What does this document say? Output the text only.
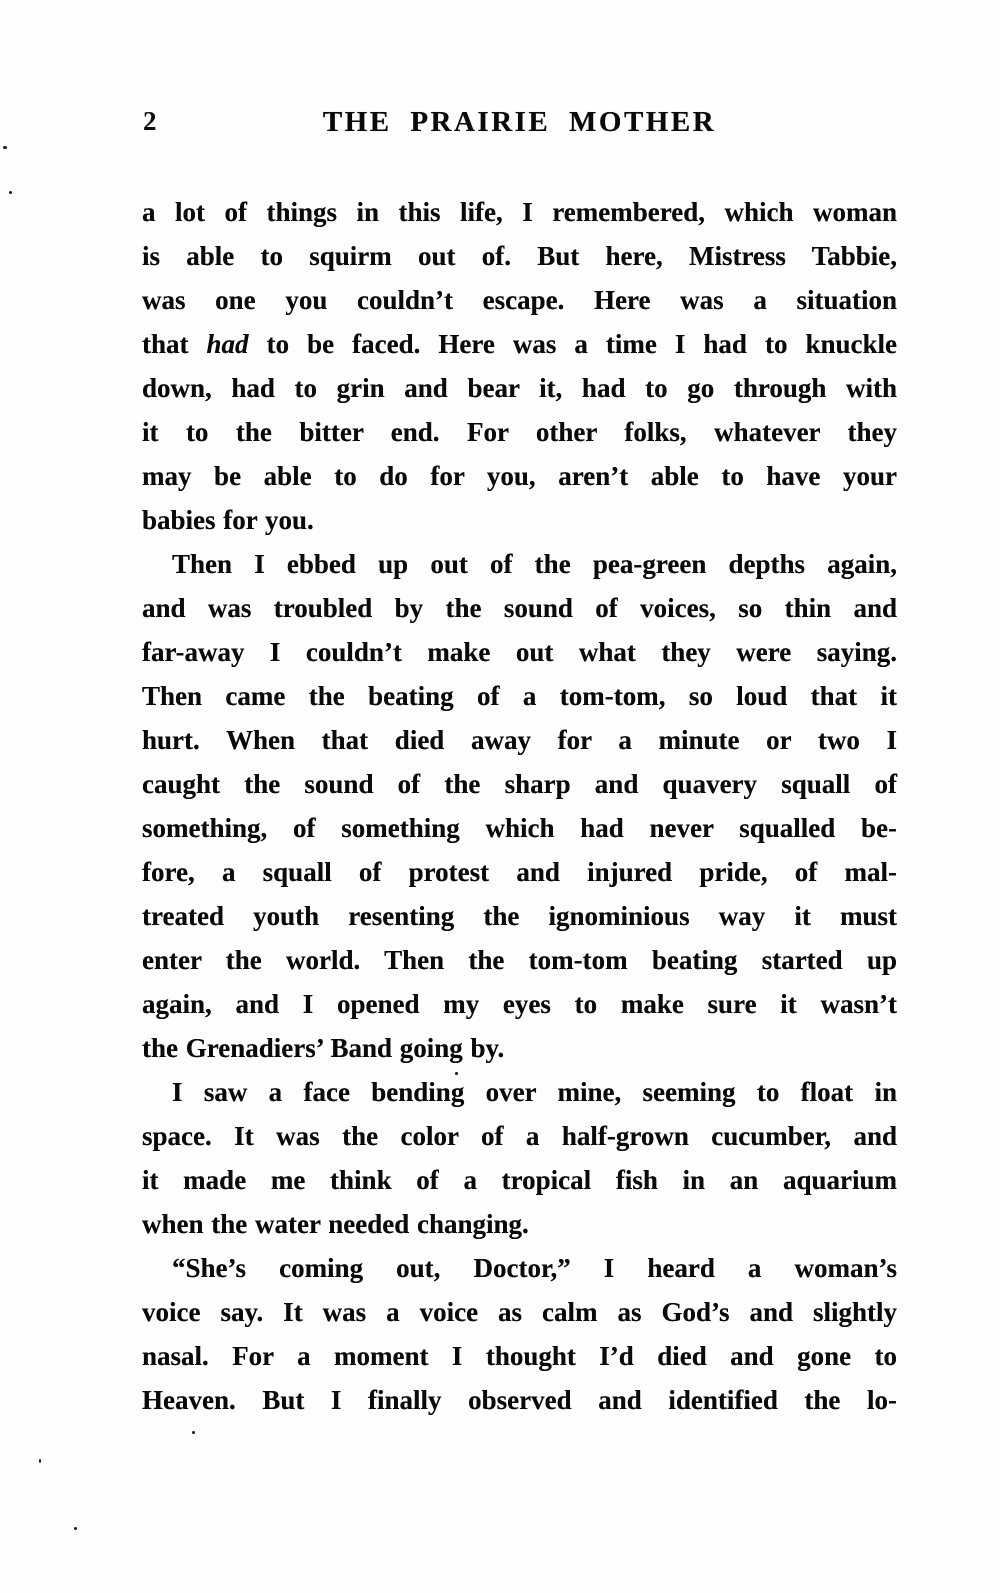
2	THE PRAIRIE MOTHER
a lot of things in this life, I remembered, which woman
is able to squirm out of. But here, Mistress Tabbie,
was one you couldn’t escape. Here was a situation
that had to be faced. Here was a time I had to knuckle
down, had to grin and bear it, had to go through with
it to the bitter end. For other folks, whatever they
may be able to do for you, aren’t able to have your
babies for you.
Then I ebbed up out of the pea-green depths again,
and was troubled by the sound of voices, so thin and
far-away I couldn’t make out what they were saying.
Then came the beating of a tom-tom, so loud that it
hurt. When that died away for a minute or two I
caught the sound of the sharp and quavery squall of
something, of something which had never squalled be-
fore, a squall of protest and injured pride, of mal-
treated youth resenting the ignominious way it must
enter the world. Then the tom-tom beating started up
again, and I opened my eyes to make sure it wasn’t
the Grenadiers’ Band going by.
I saw a face bending over mine, seeming to float in
space. It was the color of a half-grown cucumber, and
it made me think of a tropical fish in an aquarium
when the water needed changing.
“She’s coming out, Doctor,” I heard a woman’s
voice say. It was a voice as calm as God’s and slightly
nasal. For a moment I thought I’d died and gone to
Heaven. But I finally observed and identified the lo-
